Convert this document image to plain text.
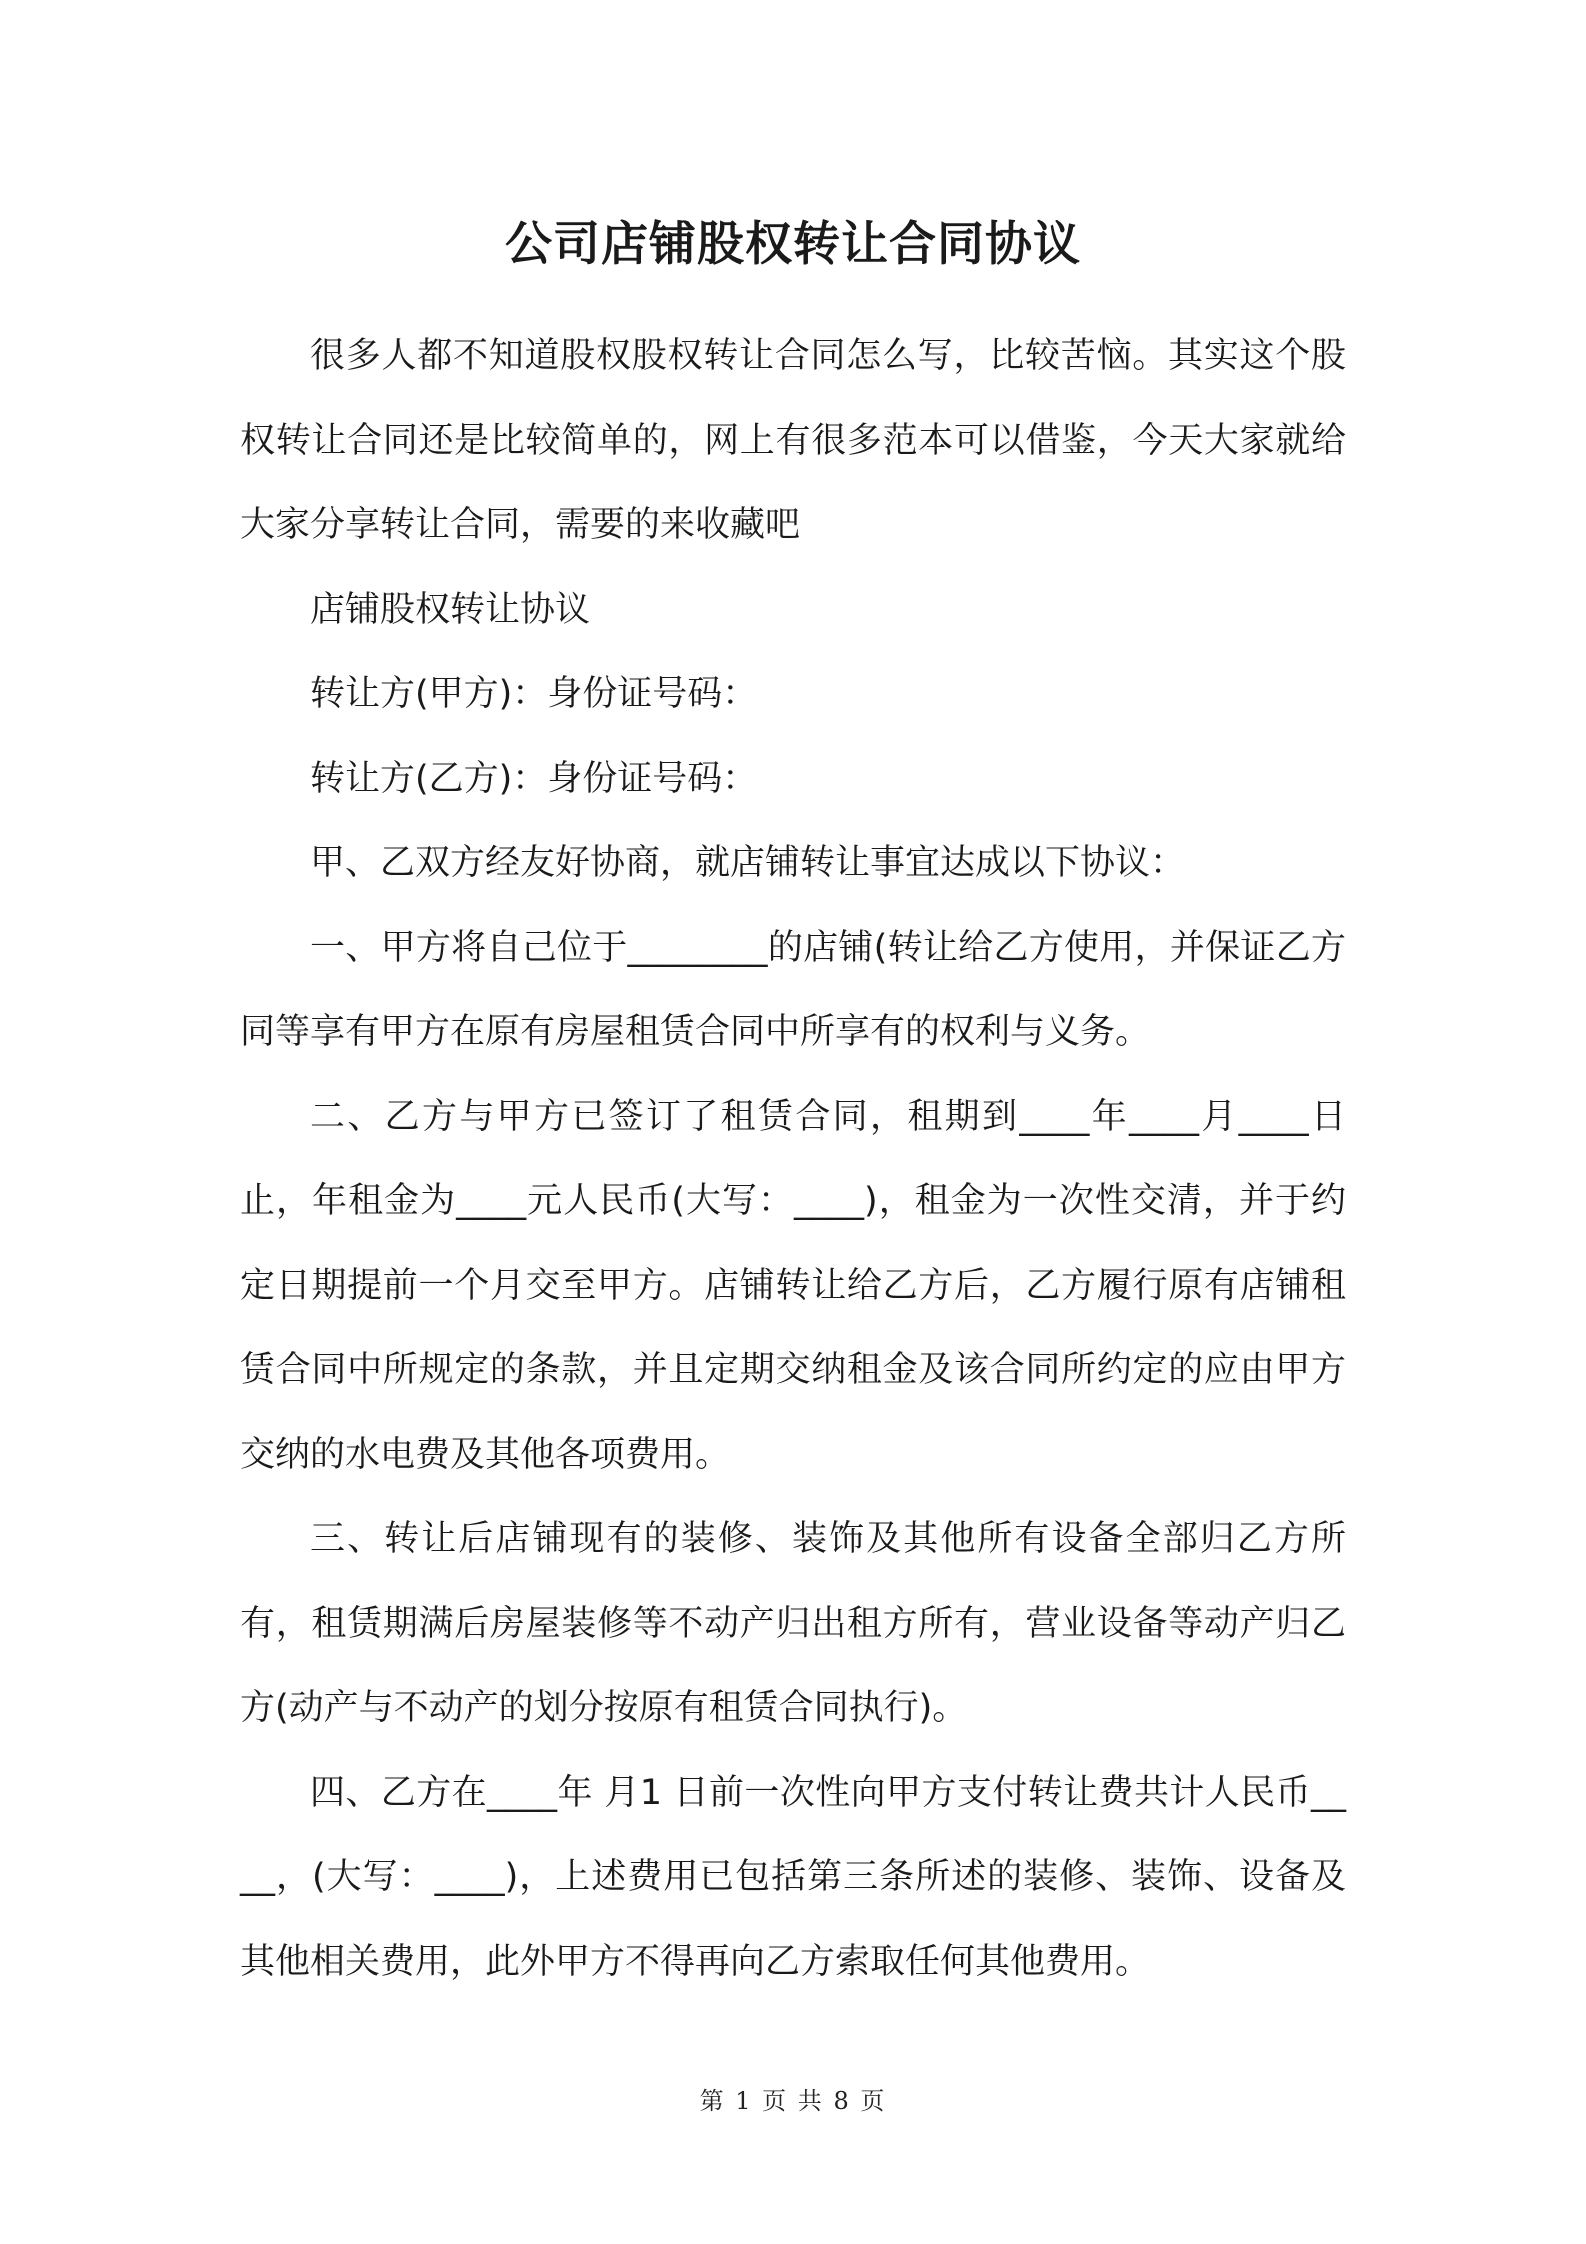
公司店铺股权转让合同协议

很多人都不知道股权股权转让合同怎么写，比较苦恼。其实这个股权转让合同还是比较简单的，网上有很多范本可以借鉴，今天大家就给大家分享转让合同，需要的来收藏吧

店铺股权转让协议

转让方(甲方)：身份证号码：

转让方(乙方)：身份证号码：

甲、乙双方经友好协商，就店铺转让事宜达成以下协议：

一、甲方将自己位于________的店铺(转让给乙方使用，并保证乙方同等享有甲方在原有房屋租赁合同中所享有的权利与义务。

二、乙方与甲方已签订了租赁合同，租期到____年____月____日止，年租金为____元人民币(大写：____)，租金为一次性交清，并于约定日期提前一个月交至甲方。店铺转让给乙方后，乙方履行原有店铺租赁合同中所规定的条款，并且定期交纳租金及该合同所约定的应由甲方交纳的水电费及其他各项费用。

三、转让后店铺现有的装修、装饰及其他所有设备全部归乙方所有，租赁期满后房屋装修等不动产归出租方所有，营业设备等动产归乙方(动产与不动产的划分按原有租赁合同执行)。

四、乙方在____年 月1 日前一次性向甲方支付转让费共计人民币____，(大写：____)，上述费用已包括第三条所述的装修、装饰、设备及其他相关费用，此外甲方不得再向乙方索取任何其他费用。

第 1 页 共 8 页
